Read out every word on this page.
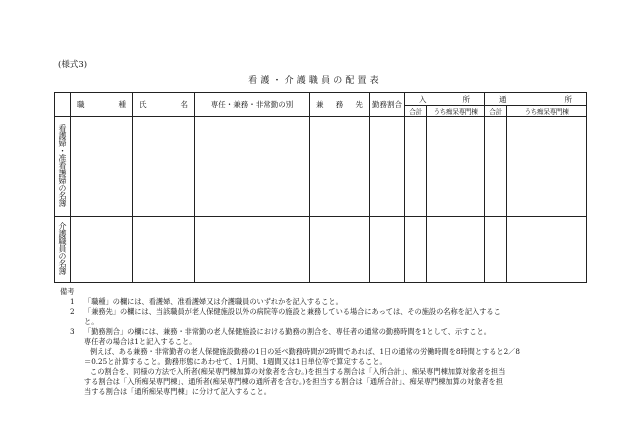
(様式3)
看護・介護職員の配置表
	職種	氏名	専任・兼務・非常勤の別	兼務先	勤務割合	入所		通所	
						合計	うち痴呆専門棟	合計	うち痴呆専門棟
看護婦・准看護婦の名簿									
介護職員の名簿									
備考
1 「職種」の欄には、看護婦、准看護婦又は介護職員のいずれかを記入すること。
2 「兼務先」の欄には、当該職員が老人保健施設以外の病院等の施設と兼務している場合にあっては、その施設の名称を記入するこ
と。
3 「勤務割合」の欄には、兼務・非常勤の老人保健施設における勤務の割合を、専任者の通常の勤務時間を1として、示すこと。
専任者の場合は1と記入すること。
例えば、ある兼務・非常勤者の老人保健施設勤務の1日の延べ勤務時間が2時間であれば、1日の通常の労働時間を8時間とすると2／8
＝0.25と計算すること。勤務形態にあわせて、1月間、1週間又は1日単位等で算定すること。
この割合を、同様の方法で入所者(痴呆専門棟加算の対象者を含む。)を担当する割合は「入所合計」、痴呆専門棟加算対象者を担当
する割合は「入所痴呆専門棟」、通所者(痴呆専門棟の通所者を含む。)を担当する割合は「通所合計」、痴呆専門棟加算の対象者を担
当する割合は「通所痴呆専門棟」に分けて記入すること。
